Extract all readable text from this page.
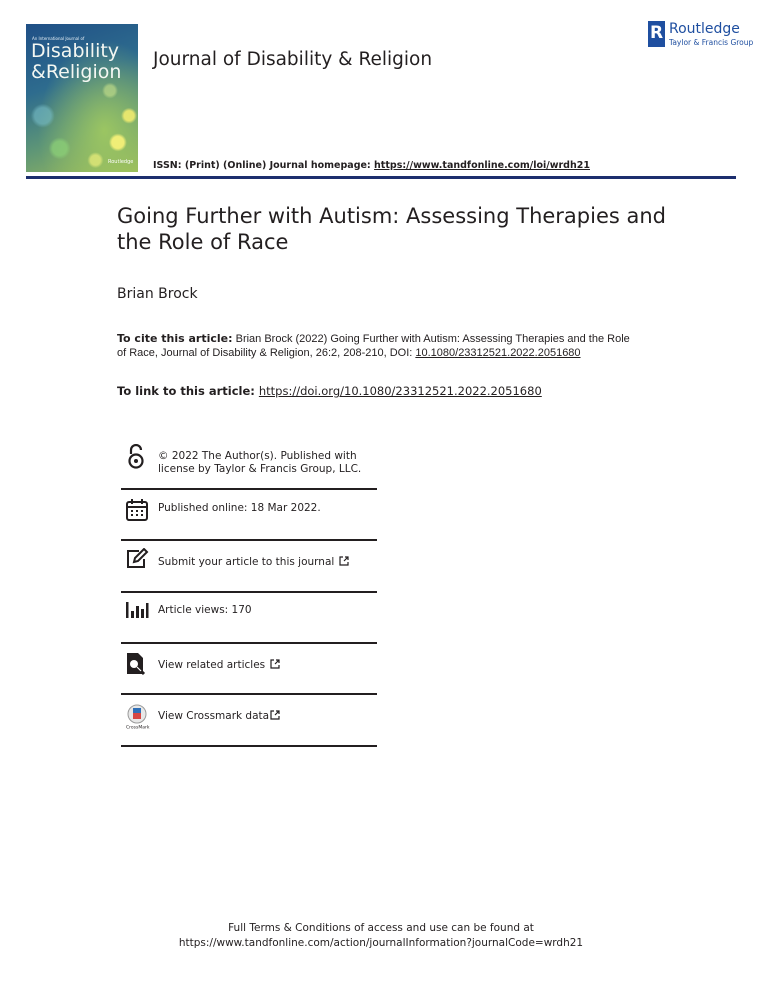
An International Journal of
Disability
&Religion
Routledge
Journal of Disability & Religion
R Routledge
Taylor & Francis Group
ISSN: (Print) (Online) Journal homepage: https://www.tandfonline.com/loi/wrdh21
Going Further with Autism: Assessing Therapies and the Role of Race
Brian Brock
To cite this article: Brian Brock (2022) Going Further with Autism: Assessing Therapies and the Role of Race, Journal of Disability & Religion, 26:2, 208-210, DOI: 10.1080/23312521.2022.2051680
To link to this article: https://doi.org/10.1080/23312521.2022.2051680
© 2022 The Author(s). Published with license by Taylor & Francis Group, LLC.
Published online: 18 Mar 2022.
Submit your article to this journal
Article views: 170
View related articles
CrossMark
View Crossmark data
Full Terms & Conditions of access and use can be found at
https://www.tandfonline.com/action/journalInformation?journalCode=wrdh21
